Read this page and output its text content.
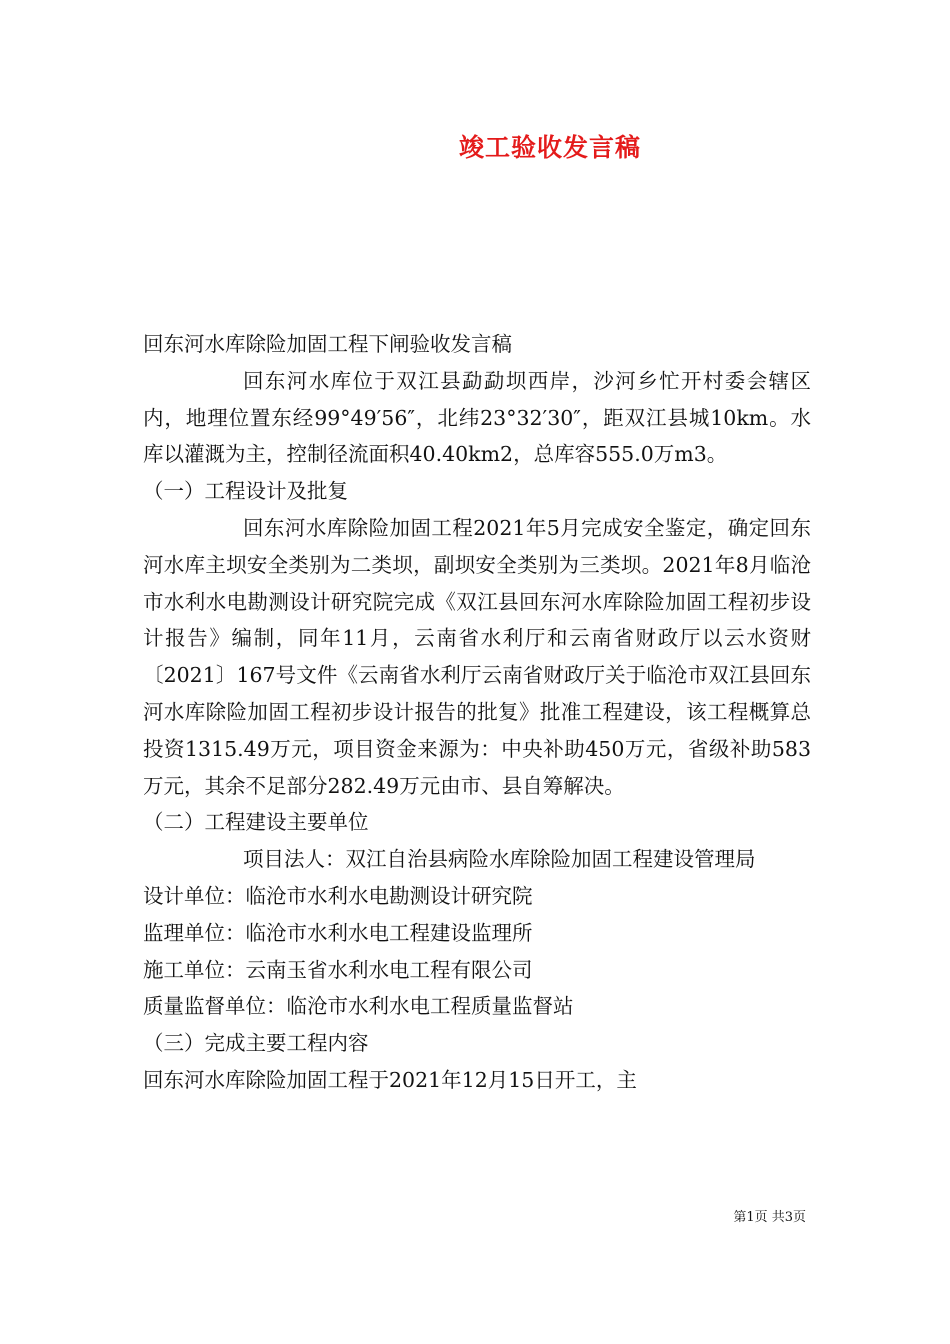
竣工验收发言稿

回东河水库除险加固工程下闸验收发言稿

回东河水库位于双江县勐勐坝西岸，沙河乡忙开村委会辖区内，地理位置东经99°49′56″，北纬23°32′30″，距双江县城10km。水库以灌溉为主，控制径流面积40.40km2，总库容555.0万m3。

（一）工程设计及批复

回东河水库除险加固工程2021年5月完成安全鉴定，确定回东河水库主坝安全类别为二类坝，副坝安全类别为三类坝。2021年8月临沧市水利水电勘测设计研究院完成《双江县回东河水库除险加固工程初步设计报告》编制，同年11月，云南省水利厅和云南省财政厅以云水资财〔2021〕167号文件《云南省水利厅云南省财政厅关于临沧市双江县回东河水库除险加固工程初步设计报告的批复》批准工程建设，该工程概算总投资1315.49万元，项目资金来源为：中央补助450万元，省级补助583万元，其余不足部分282.49万元由市、县自筹解决。

（二）工程建设主要单位

项目法人：双江自治县病险水库除险加固工程建设管理局

设计单位：临沧市水利水电勘测设计研究院

监理单位：临沧市水利水电工程建设监理所

施工单位：云南玉省水利水电工程有限公司

质量监督单位：临沧市水利水电工程质量监督站

（三）完成主要工程内容

回东河水库除险加固工程于2021年12月15日开工，主

第1页 共3页
